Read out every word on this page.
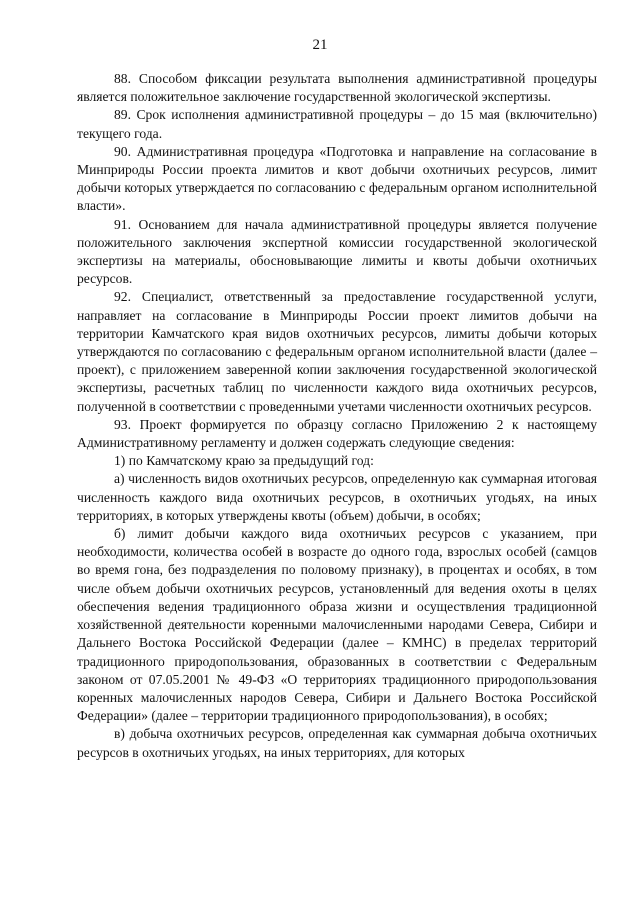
21

88. Способом фиксации результата выполнения административной процедуры является положительное заключение государственной экологической экспертизы.

89. Срок исполнения административной процедуры – до 15 мая (включительно) текущего года.

90. Административная процедура «Подготовка и направление на согласование в Минприроды России проекта лимитов и квот добычи охотничьих ресурсов, лимит добычи которых утверждается по согласованию с федеральным органом исполнительной власти».

91. Основанием для начала административной процедуры является получение положительного заключения экспертной комиссии государственной экологической экспертизы на материалы, обосновывающие лимиты и квоты добычи охотничьих ресурсов.

92. Специалист, ответственный за предоставление государственной услуги, направляет на согласование в Минприроды России проект лимитов добычи на территории Камчатского края видов охотничьих ресурсов, лимиты добычи которых утверждаются по согласованию с федеральным органом исполнительной власти (далее – проект), с приложением заверенной копии заключения государственной экологической экспертизы, расчетных таблиц по численности каждого вида охотничьих ресурсов, полученной в соответствии с проведенными учетами численности охотничьих ресурсов.

93. Проект формируется по образцу согласно Приложению 2 к настоящему Административному регламенту и должен содержать следующие сведения:

1) по Камчатскому краю за предыдущий год:

а) численность видов охотничьих ресурсов, определенную как суммарная итоговая численность каждого вида охотничьих ресурсов, в охотничьих угодьях, на иных территориях, в которых утверждены квоты (объем) добычи, в особях;

б) лимит добычи каждого вида охотничьих ресурсов с указанием, при необходимости, количества особей в возрасте до одного года, взрослых особей (самцов во время гона, без подразделения по половому признаку), в процентах и особях, в том числе объем добычи охотничьих ресурсов, установленный для ведения охоты в целях обеспечения ведения традиционного образа жизни и осуществления традиционной хозяйственной деятельности коренными малочисленными народами Севера, Сибири и Дальнего Востока Российской Федерации (далее – КМНС) в пределах территорий традиционного природопользования, образованных в соответствии с Федеральным законом от 07.05.2001 № 49-ФЗ «О территориях традиционного природопользования коренных малочисленных народов Севера, Сибири и Дальнего Востока Российской Федерации» (далее – территории традиционного природопользования), в особях;

в) добыча охотничьих ресурсов, определенная как суммарная добыча охотничьих ресурсов в охотничьих угодьях, на иных территориях, для которых
